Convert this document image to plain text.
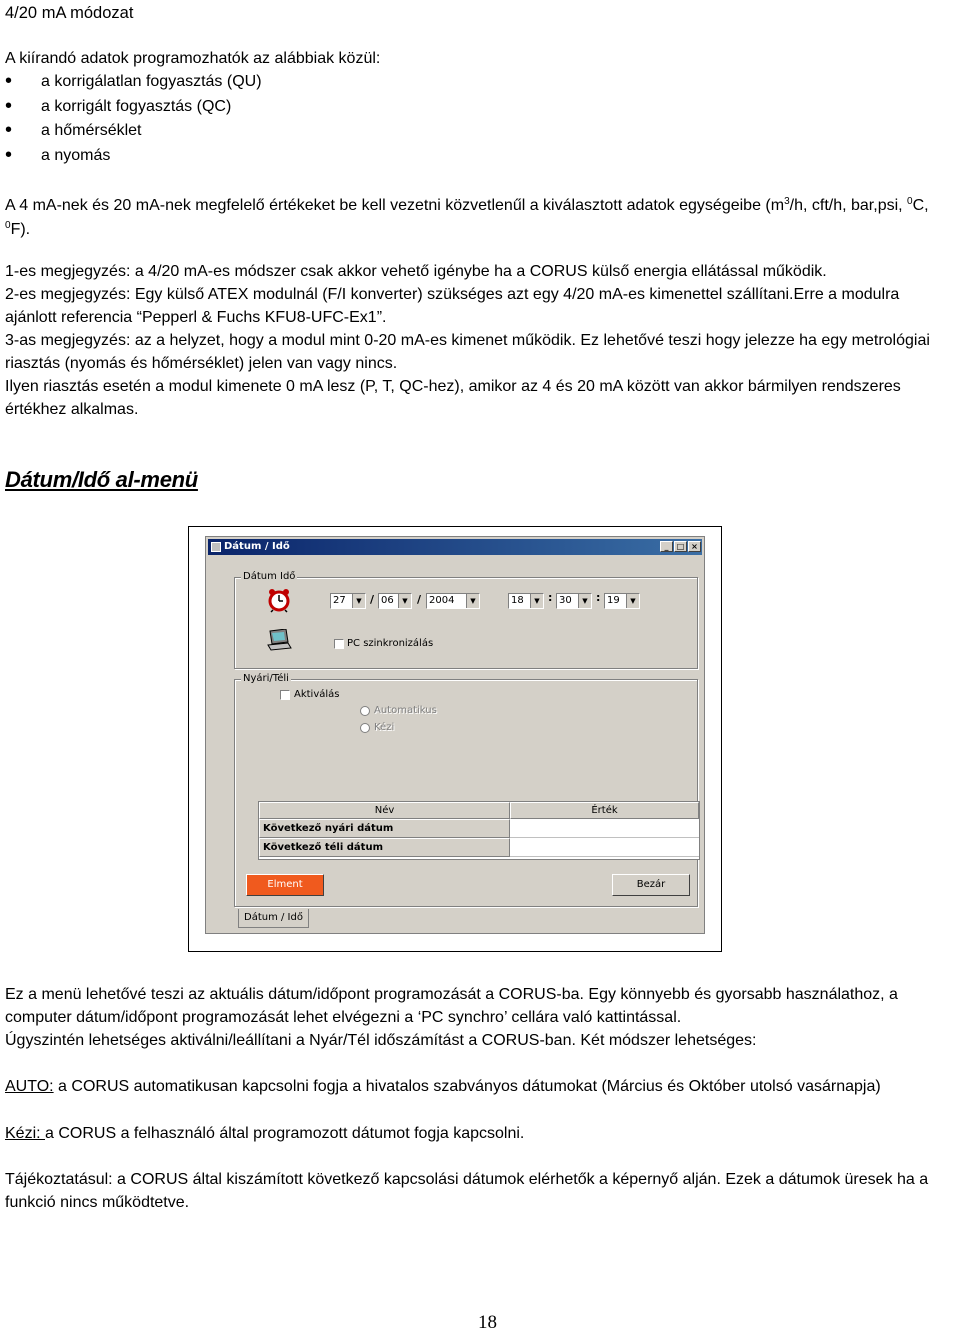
4/20 mA módozat
A kiírandó adatok programozhatók az alábbiak közül:
• a korrigálatlan fogyasztás (QU)
• a korrigált fogyasztás (QC)
• a hőmérséklet
• a nyomás
A 4 mA-nek és 20 mA-nek megfelelő értékeket be kell vezetni közvetlenűl a kiválasztott adatok egységeibe ($m^3/h$, cft/h, bar,psi, $^0$C,
$^0$F).
1-es megjegyzés: a 4/20 mA-es módszer csak akkor vehető igénybe ha a CORUS külső energia ellátással működik.
2-es megjegyzés: Egy külső ATEX modulnál (F/I konverter) szükséges azt egy 4/20 mA-es kimenettel szállítani.Erre a modulra
ajánlott referencia “Pepperl & Fuchs KFU8-UFC-Ex1”.
3-as megjegyzés: az a helyzet, hogy a modul mint 0-20 mA-es kimenet működik. Ez lehetővé teszi hogy jelezze ha egy metrológiai
riasztás (nyomás és hőmérséklet) jelen van vagy nincs.
Ilyen riasztás esetén a modul kimenete 0 mA lesz (P, T, QC-hez), amikor az 4 és 20 mA között van akkor bármilyen rendszeres
értékhez alkalmas.
Dátum/Idő al-menü
Dátum / Idő	_	□ ×
Dátum Idő
27	▼ / 06	▼ / 2004	▼	18	▼ : 30	▼ : 19	▼
PC szinkronizálás
Nyári/Téli
Aktiválás
Automatikus
Kézi
Név	Érték
Következő nyári dátum
Következő téli dátum
Elment	Bezár
Dátum / Idő
Ez a menü lehetővé teszi az aktuális dátum/időpont programozását a CORUS-ba. Egy könnyebb és gyorsabb használathoz, a
computer dátum/időpont programozását lehet elvégezni a ‘PC synchro’ cellára való kattintással.
Úgyszintén lehetséges aktiválni/leállítani a Nyár/Tél időszámítást a CORUS-ban. Két módszer lehetséges:
AUTO: a CORUS automatikusan kapcsolni fogja a hivatalos szabványos dátumokat (Március és Október utolsó vasárnapja)
Kézi: a CORUS a felhasználó által programozott dátumot fogja kapcsolni.
Tájékoztatásul: a CORUS által kiszámított következő kapcsolási dátumok elérhetők a képernyő alján. Ezek a dátumok üresek ha a
funkció nincs működtetve.
18
